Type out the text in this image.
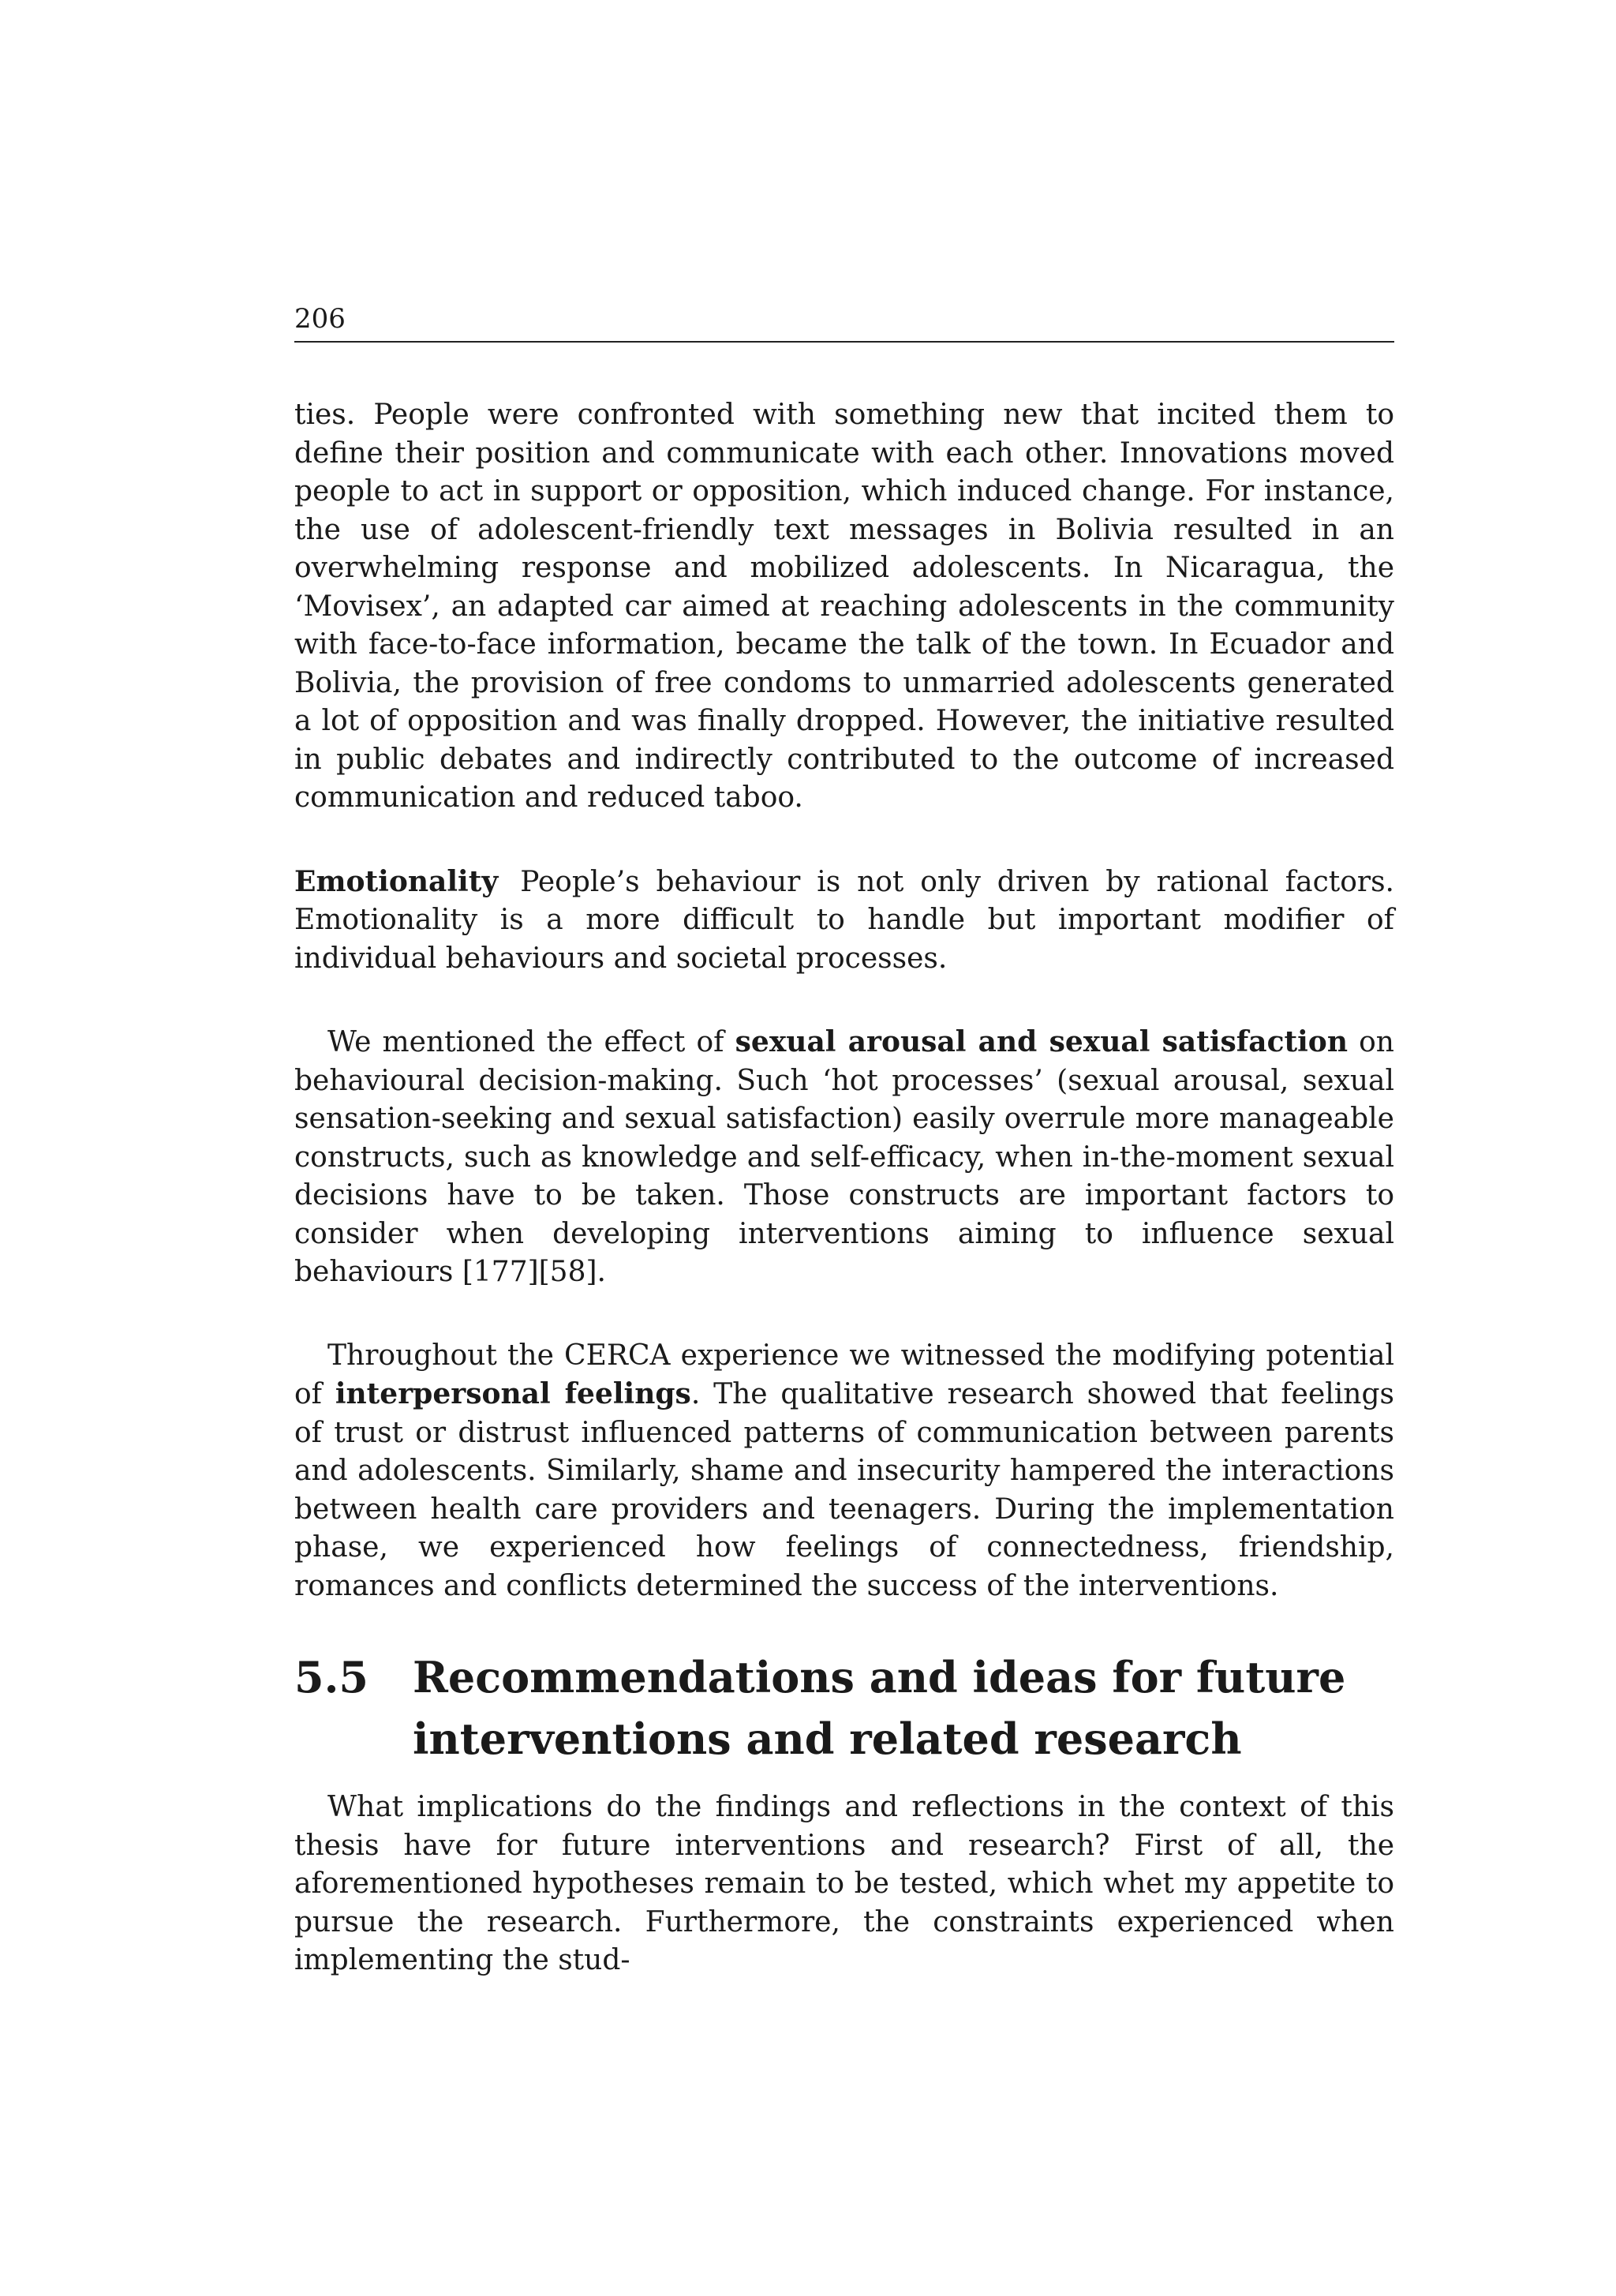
206

ties. People were confronted with something new that incited them to define their position and communicate with each other. Innovations moved people to act in support or opposition, which induced change. For instance, the use of adolescent-friendly text messages in Bolivia resulted in an overwhelming response and mobilized adolescents. In Nicaragua, the ‘Movisex’, an adapted car aimed at reaching adolescents in the community with face-to-face information, became the talk of the town. In Ecuador and Bolivia, the provision of free condoms to unmarried adolescents generated a lot of opposition and was finally dropped. However, the initiative resulted in public debates and indirectly contributed to the outcome of increased communication and reduced taboo.

Emotionality People’s behaviour is not only driven by rational factors. Emotionality is a more difficult to handle but important modifier of individual behaviours and societal processes.

We mentioned the effect of sexual arousal and sexual satisfaction on behavioural decision-making. Such ‘hot processes’ (sexual arousal, sexual sensation-seeking and sexual satisfaction) easily overrule more manageable constructs, such as knowledge and self-efficacy, when in-the-moment sexual decisions have to be taken. Those constructs are important factors to consider when developing interventions aiming to influence sexual behaviours [177][58].

Throughout the CERCA experience we witnessed the modifying potential of interpersonal feelings. The qualitative research showed that feelings of trust or distrust influenced patterns of communication between parents and adolescents. Similarly, shame and insecurity hampered the interactions between health care providers and teenagers. During the implementation phase, we experienced how feelings of connectedness, friendship, romances and conflicts determined the success of the interventions.

5.5	Recommendations and ideas for future interventions and related research

What implications do the findings and reflections in the context of this thesis have for future interventions and research? First of all, the aforementioned hypotheses remain to be tested, which whet my appetite to pursue the research. Furthermore, the constraints experienced when implementing the stud-
